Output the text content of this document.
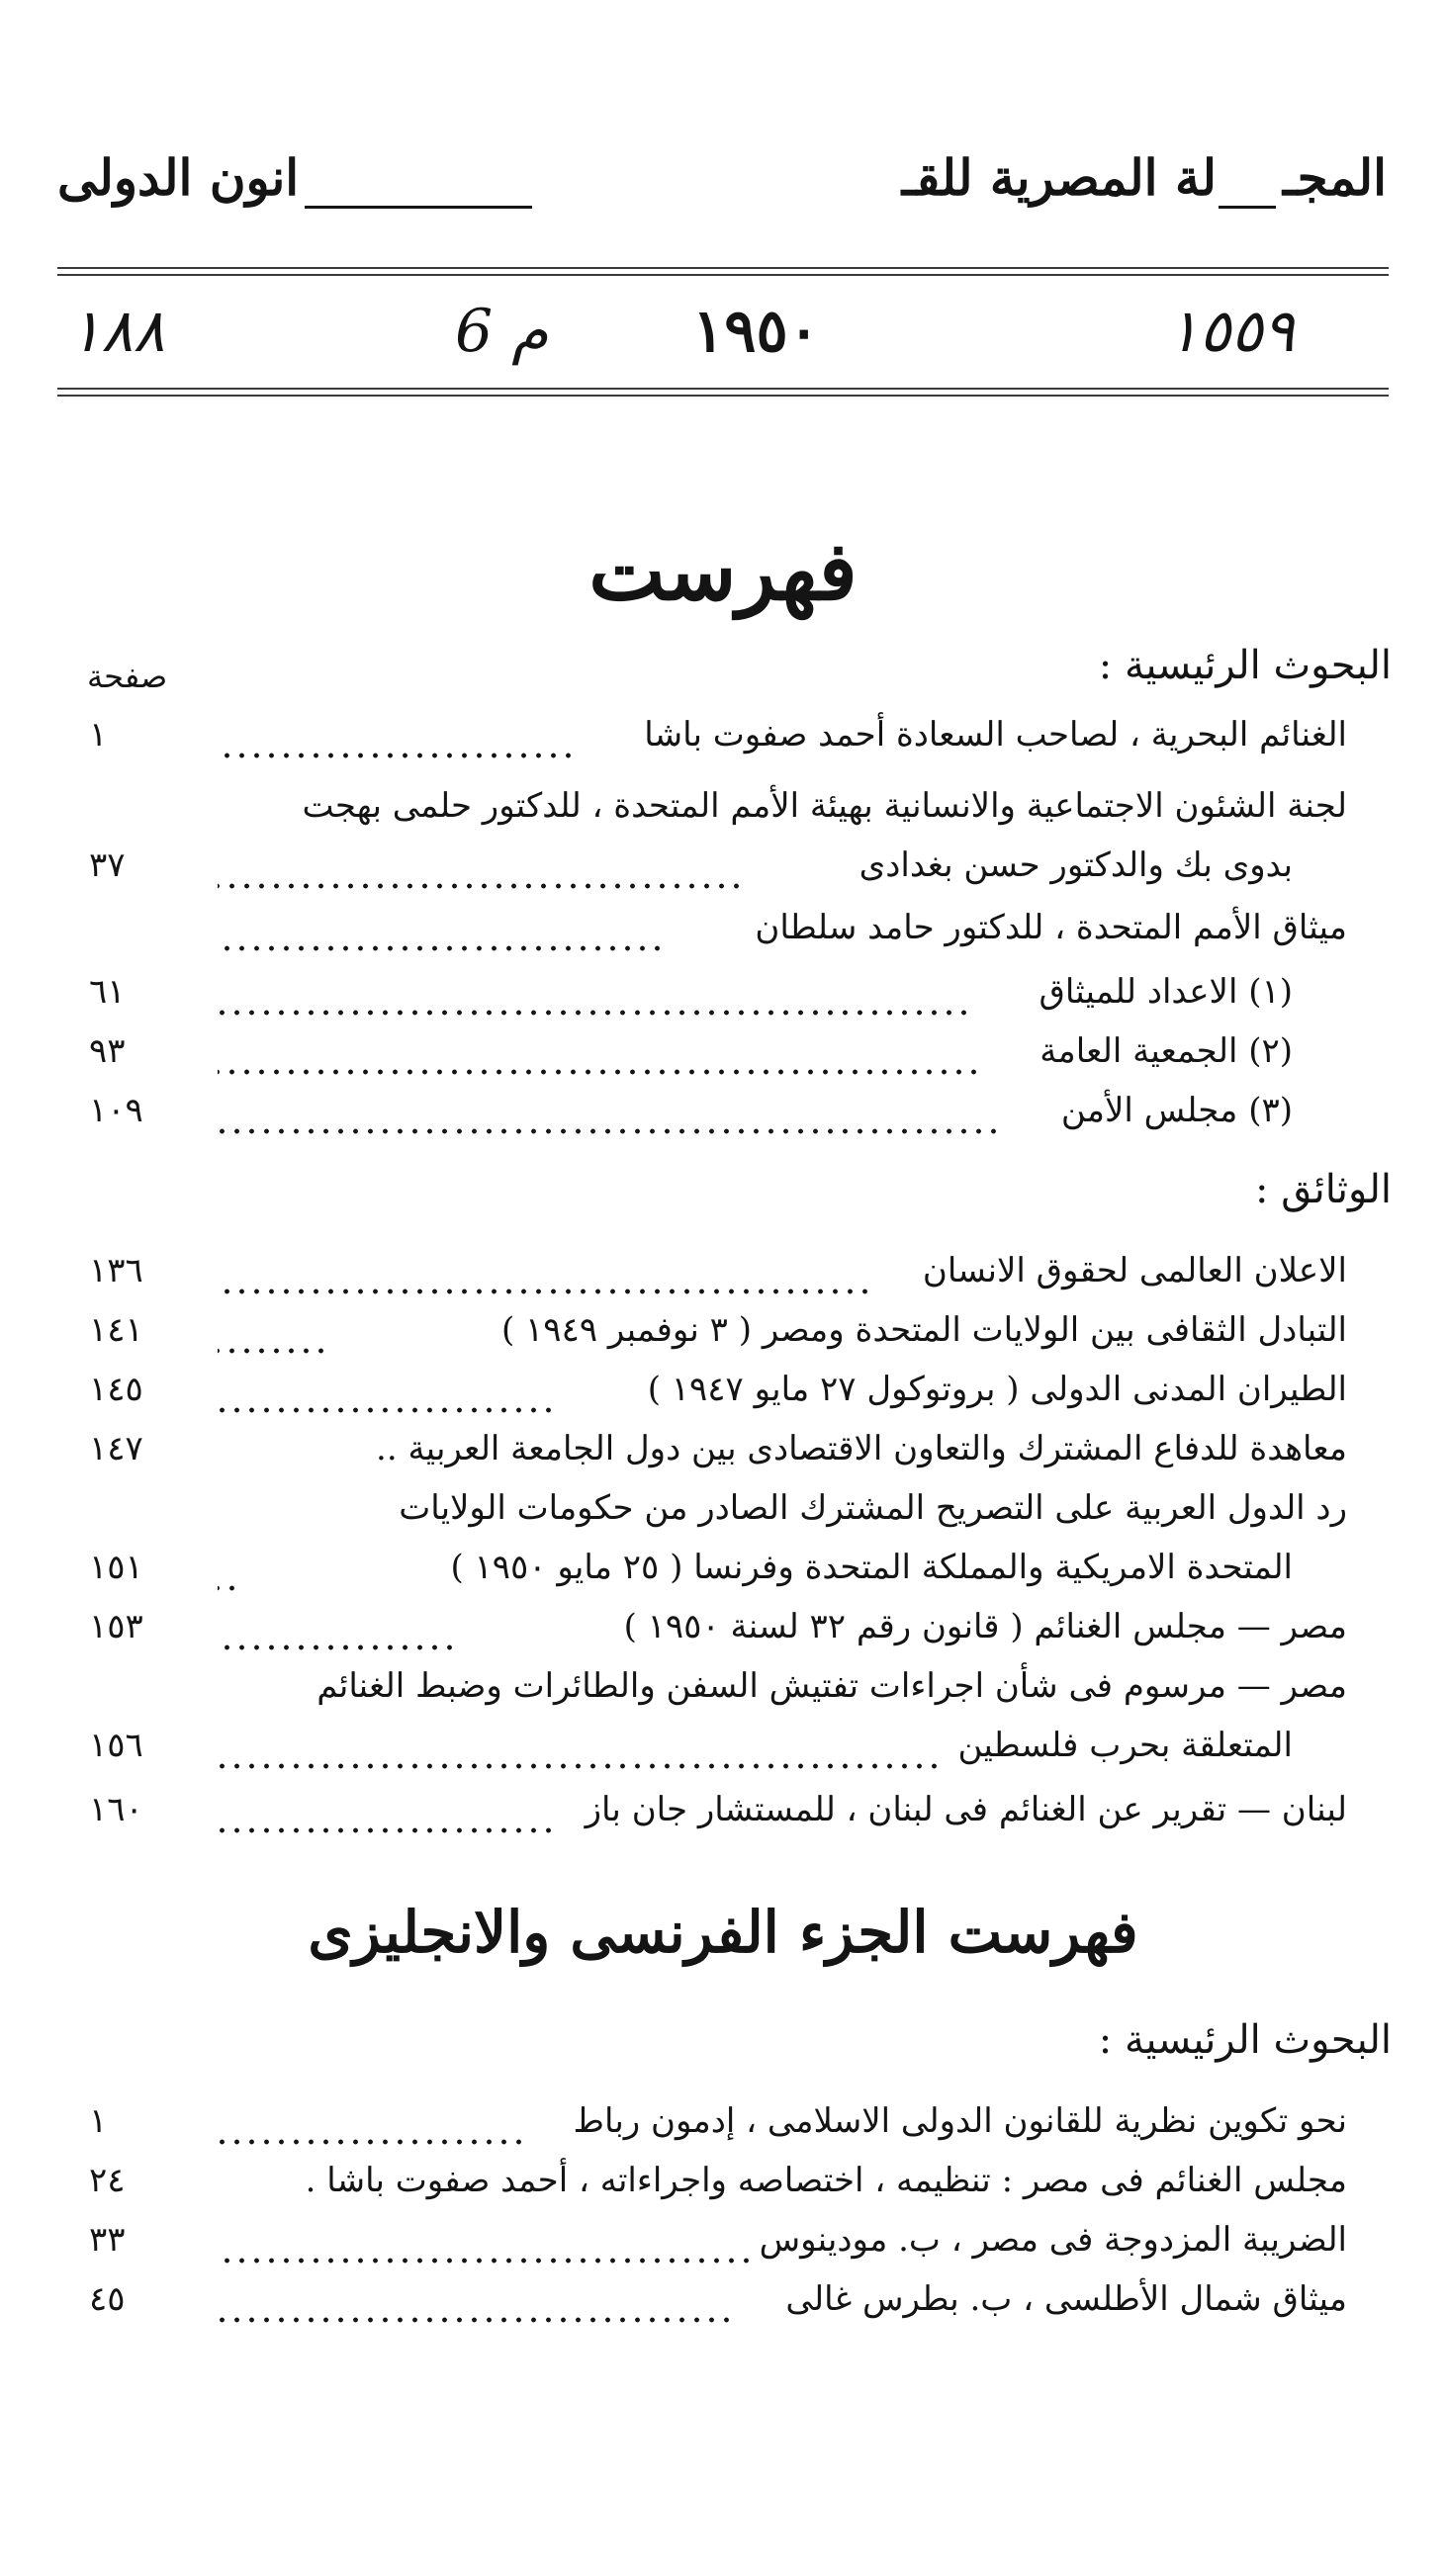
المجـ
لة المصرية للقـ
انون الدولى
١٨٨	م 6 ١٩٥٠	١٥٥٩
فهرست
البحوث الرئيسية :
صفحة
الغنائم البحرية ، لصاحب السعادة أحمد صفوت باشا
١
لجنة الشئون الاجتماعية والانسانية بهيئة الأمم المتحدة ، للدكتور حلمى بهجت
بدوى بك والدكتور حسن بغدادى
٣٧
ميثاق الأمم المتحدة ، للدكتور حامد سلطان
(١) الاعداد للميثاق
٦١
(٢) الجمعية العامة
٩٣
(٣) مجلس الأمن
١٠٩
الوثائق :
الاعلان العالمى لحقوق الانسان
١٣٦
التبادل الثقافى بين الولايات المتحدة ومصر ( ٣ نوفمبر ١٩٤٩ )
١٤١
الطيران المدنى الدولى ( بروتوكول ٢٧ مايو ١٩٤٧ )
١٤٥
معاهدة للدفاع المشترك والتعاون الاقتصادى بين دول الجامعة العربية ..
١٤٧
رد الدول العربية على التصريح المشترك الصادر من حكومات الولايات
المتحدة الامريكية والمملكة المتحدة وفرنسا ( ٢٥ مايو ١٩٥٠ )
١٥١
مصر — مجلس الغنائم ( قانون رقم ٣٢ لسنة ١٩٥٠ )
١٥٣
مصر — مرسوم فى شأن اجراءات تفتيش السفن والطائرات وضبط الغنائم
المتعلقة بحرب فلسطين
١٥٦
لبنان — تقرير عن الغنائم فى لبنان ، للمستشار جان باز
١٦٠
فهرست الجزء الفرنسى والانجليزى
البحوث الرئيسية :
نحو تكوين نظرية للقانون الدولى الاسلامى ، إدمون رباط
١
مجلس الغنائم فى مصر : تنظيمه ، اختصاصه واجراءاته ، أحمد صفوت باشا .
٢٤
الضريبة المزدوجة فى مصر ، ب. مودينوس
٣٣
ميثاق شمال الأطلسى ، ب. بطرس غالى
٤٥
